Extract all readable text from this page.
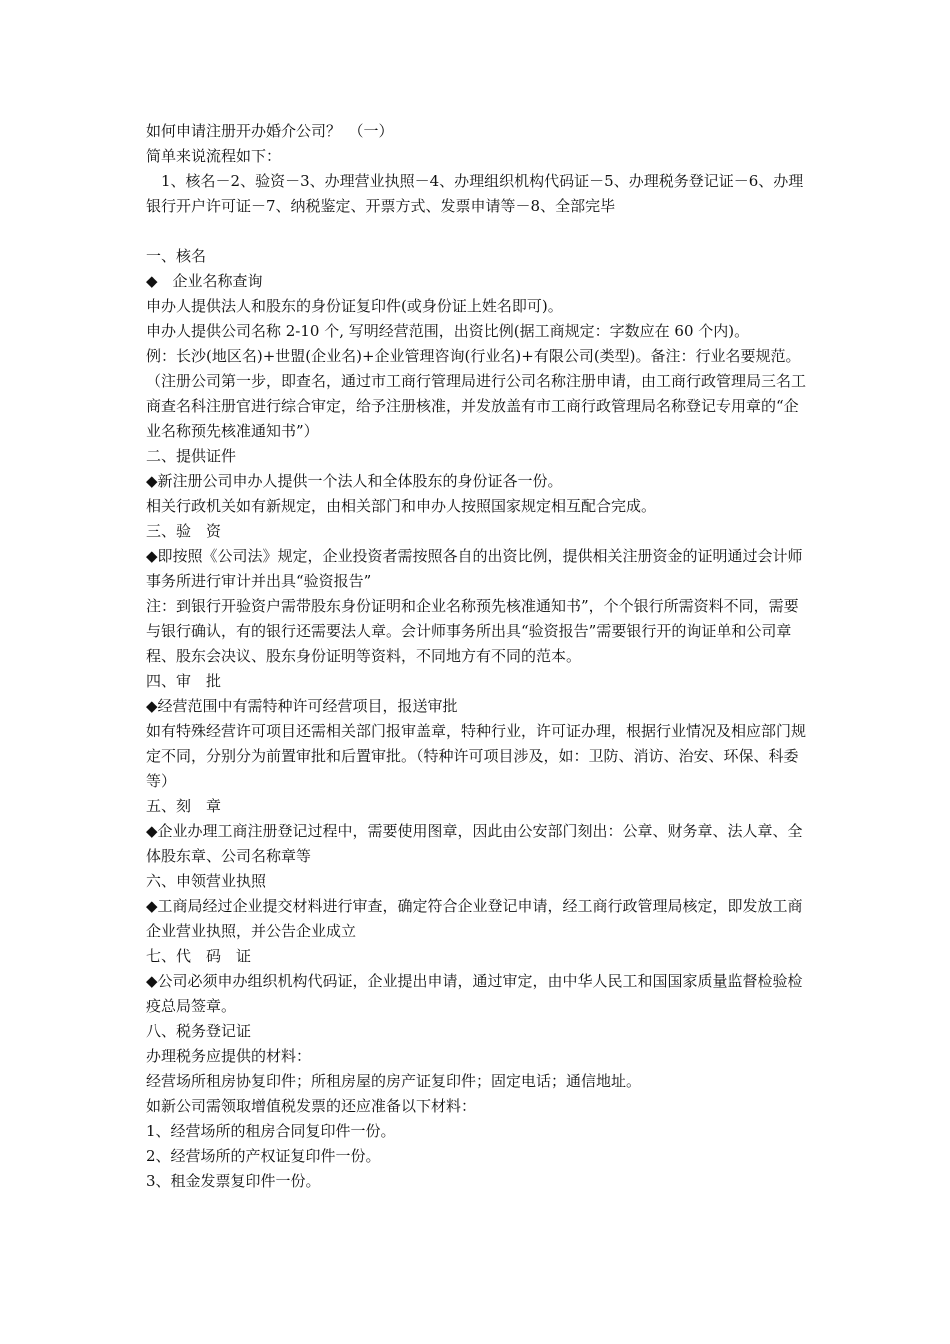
如何申请注册开办婚介公司？　（一）

简单来说流程如下：

1、核名－2、验资－3、办理营业执照－4、办理组织机构代码证－5、办理税务登记证－6、办理银行开户许可证－7、纳税鉴定、开票方式、发票申请等－8、全部完毕

一、核名

◆　企业名称查询

申办人提供法人和股东的身份证复印件(或身份证上姓名即可)。

申办人提供公司名称 2-10 个, 写明经营范围，出资比例(据工商规定：字数应在 60 个内)。

例：长沙(地区名)+世盟(企业名)+企业管理咨询(行业名)+有限公司(类型)。备注：行业名要规范。

（注册公司第一步，即查名，通过市工商行管理局进行公司名称注册申请，由工商行政管理局三名工商查名科注册官进行综合审定，给予注册核准，并发放盖有市工商行政管理局名称登记专用章的“企业名称预先核准通知书”）

二、提供证件

◆新注册公司申办人提供一个法人和全体股东的身份证各一份。

相关行政机关如有新规定，由相关部门和申办人按照国家规定相互配合完成。

三、验　资

◆即按照《公司法》规定，企业投资者需按照各自的出资比例，提供相关注册资金的证明通过会计师事务所进行审计并出具“验资报告”

注：到银行开验资户需带股东身份证明和企业名称预先核准通知书”，个个银行所需资料不同，需要与银行确认，有的银行还需要法人章。会计师事务所出具“验资报告”需要银行开的询证单和公司章程、股东会决议、股东身份证明等资料，不同地方有不同的范本。

四、审　批

◆经营范围中有需特种许可经营项目，报送审批

如有特殊经营许可项目还需相关部门报审盖章，特种行业，许可证办理，根据行业情况及相应部门规定不同，分别分为前置审批和后置审批。（特种许可项目涉及，如：卫防、消访、治安、环保、科委等）

五、刻　章

◆企业办理工商注册登记过程中，需要使用图章，因此由公安部门刻出：公章、财务章、法人章、全体股东章、公司名称章等

六、申领营业执照

◆工商局经过企业提交材料进行审查，确定符合企业登记申请，经工商行政管理局核定，即发放工商企业营业执照，并公告企业成立

七、代　码　证

◆公司必须申办组织机构代码证，企业提出申请，通过审定，由中华人民工和国国家质量监督检验检疫总局签章。

八、税务登记证

办理税务应提供的材料：

经营场所租房协复印件；所租房屋的房产证复印件；固定电话；通信地址。

如新公司需领取增值税发票的还应准备以下材料：

1、经营场所的租房合同复印件一份。

2、经营场所的产权证复印件一份。

3、租金发票复印件一份。
